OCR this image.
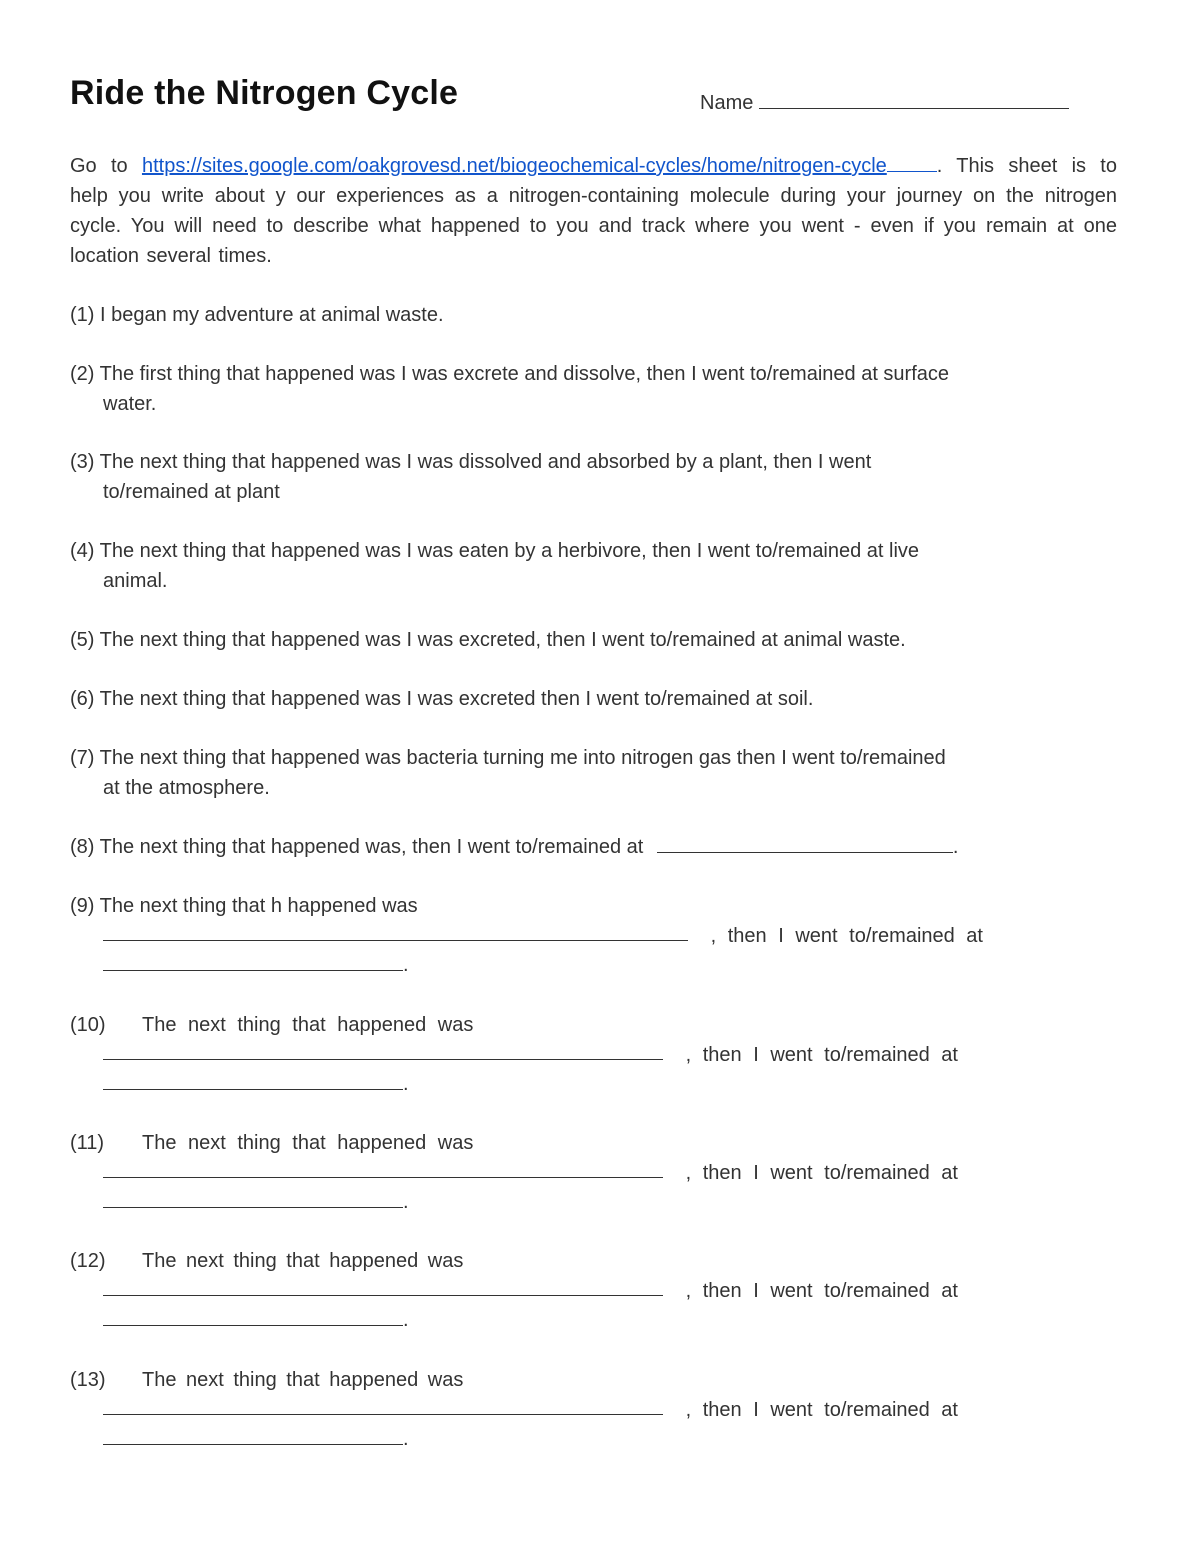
Ride the Nitrogen Cycle	Name
Go to https://sites.google.com/oakgrovesd.net/biogeochemical-cycles/home/nitrogen-cycle	. This sheet is to help you write about y our experiences as a nitrogen-containing molecule during your journey on the nitrogen cycle. You will need to describe what happened to you and track where you went - even if you remain at one location several times.
(1) I began my adventure at animal waste.
(2) The first thing that happened was I was excrete and dissolve, then I went to/remained at surface
water.
(3) The next thing that happened was I was dissolved and absorbed by a plant, then I went
to/remained at plant
(4) The next thing that happened was I was eaten by a herbivore, then I went to/remained at live
animal.
(5) The next thing that happened was I was excreted, then I went to/remained at animal waste.
(6) The next thing that happened was I was excreted then I went to/remained at soil.
(7) The next thing that happened was bacteria turning me into nitrogen gas then I went to/remained
at the atmosphere.
(8) The next thing that happened was, then I went to/remained at	.
(9) The next thing that h happened was
, then I went to/remained at
.
(10) The next thing that happened was
, then I went to/remained at
.
(11) The next thing that happened was
, then I went to/remained at
.
(12) The next thing that happened was
, then I went to/remained at
.
(13) The next thing that happened was
, then I went to/remained at
.
